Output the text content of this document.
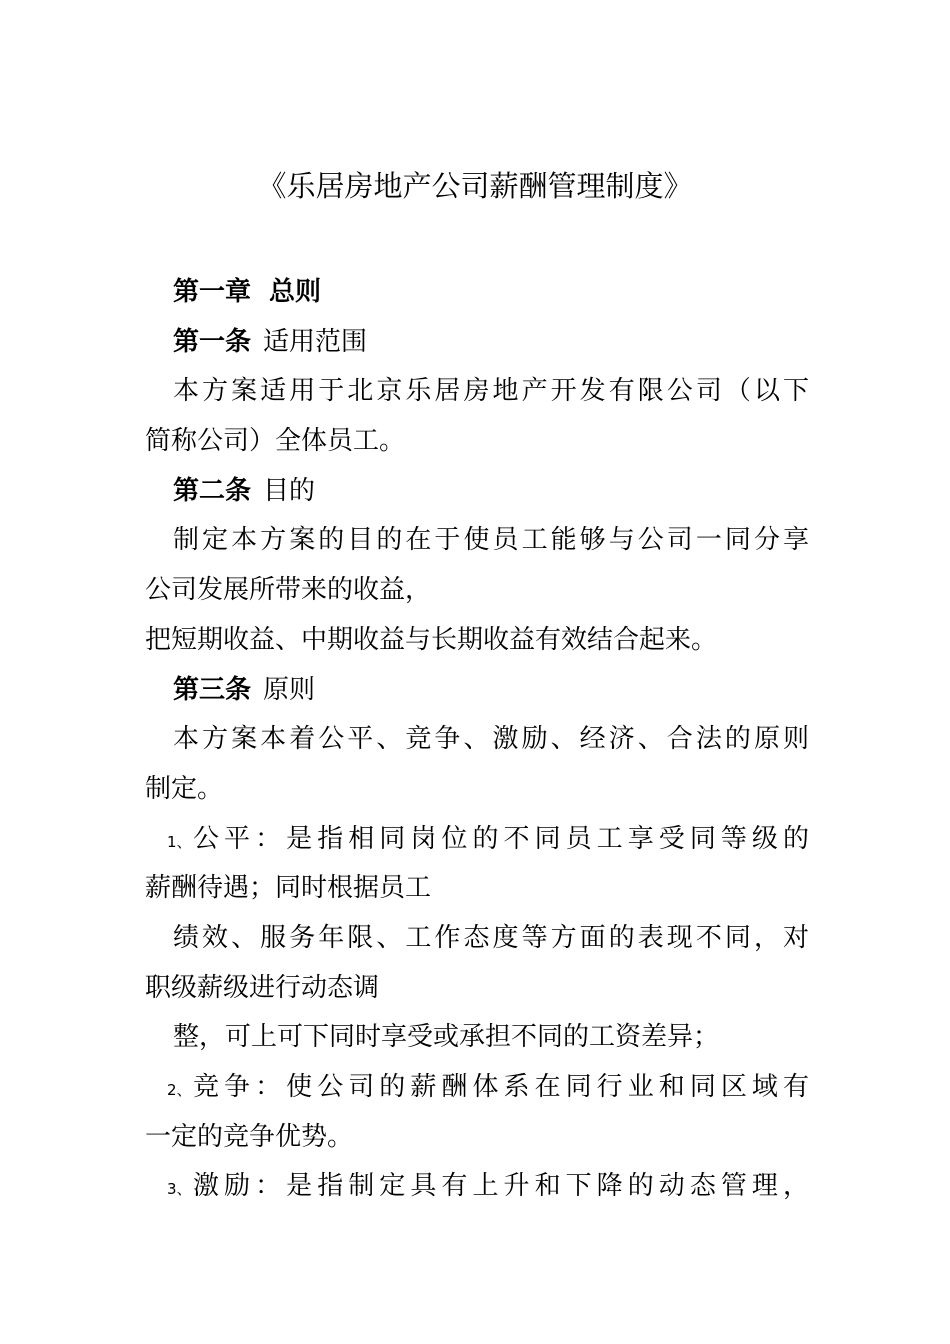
《乐居房地产公司薪酬管理制度》
第一章 总则
第一条 适用范围
本方案适用于北京乐居房地产开发有限公司（以下
简称公司）全体员工。
第二条 目的
制定本方案的目的在于使员工能够与公司一同分享
公司发展所带来的收益，
把短期收益、中期收益与长期收益有效结合起来。
第三条 原则
本方案本着公平、竞争、激励、经济、合法的原则
制定。
1、公平：是指相同岗位的不同员工享受同等级的
薪酬待遇；同时根据员工
绩效、服务年限、工作态度等方面的表现不同，对
职级薪级进行动态调
整，可上可下同时享受或承担不同的工资差异；
2、竞争：使公司的薪酬体系在同行业和同区域有
一定的竞争优势。
3、激励：是指制定具有上升和下降的动态管理，
